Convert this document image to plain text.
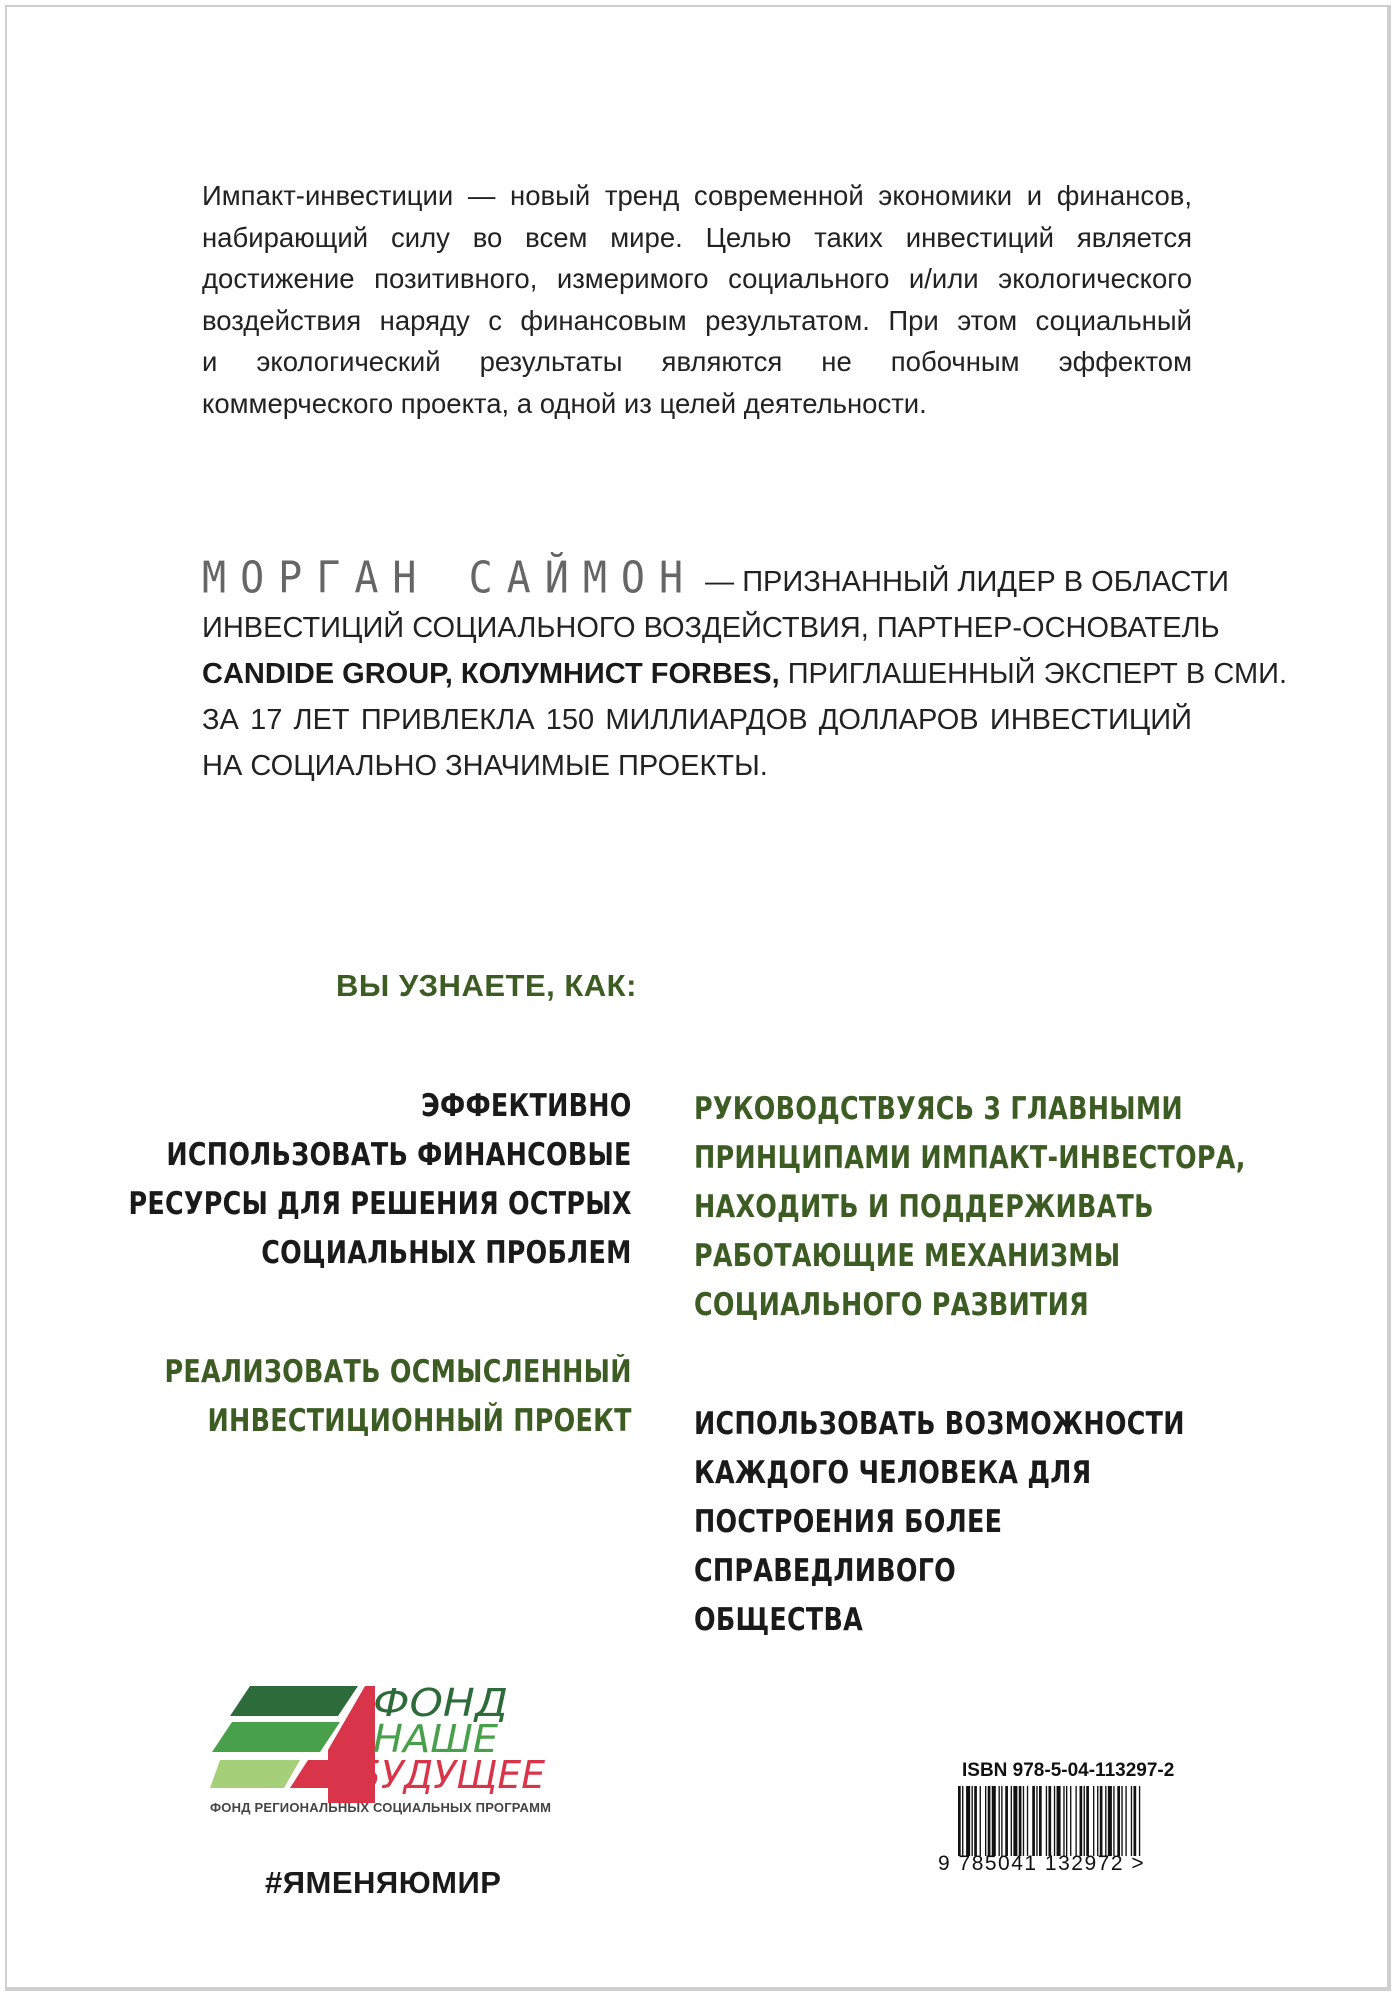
Импакт-инвестиции — новый тренд современной экономики и финансов,
набирающий силу во всем мире. Целью таких инвестиций является
достижение позитивного, измеримого социального и/или экологического
воздействия наряду с финансовым результатом. При этом социальный
и экологический результаты являются не побочным эффектом
коммерческого проекта, а одной из целей деятельности.
МОРГАН САЙМОН — ПРИЗНАННЫЙ ЛИДЕР В ОБЛАСТИ
ИНВЕСТИЦИЙ СОЦИАЛЬНОГО ВОЗДЕЙСТВИЯ, ПАРТНЕР-ОСНОВАТЕЛЬ
CANDIDE GROUP, КОЛУМНИСТ FORBES, ПРИГЛАШЕННЫЙ ЭКСПЕРТ В СМИ.
ЗА 17 ЛЕТ ПРИВЛЕКЛА 150 МИЛЛИАРДОВ ДОЛЛАРОВ ИНВЕСТИЦИЙ
НА СОЦИАЛЬНО ЗНАЧИМЫЕ ПРОЕКТЫ.
ВЫ УЗНАЕТЕ, КАК:
ЭФФЕКТИВНО
ИСПОЛЬЗОВАТЬ ФИНАНСОВЫЕ
РЕСУРСЫ ДЛЯ РЕШЕНИЯ ОСТРЫХ
СОЦИАЛЬНЫХ ПРОБЛЕМ
РЕАЛИЗОВАТЬ ОСМЫСЛЕННЫЙ
ИНВЕСТИЦИОННЫЙ ПРОЕКТ
РУКОВОДСТВУЯСЬ 3 ГЛАВНЫМИ
ПРИНЦИПАМИ ИМПАКТ-ИНВЕСТОРА,
НАХОДИТЬ И ПОДДЕРЖИВАТЬ
РАБОТАЮЩИЕ МЕХАНИЗМЫ
СОЦИАЛЬНОГО РАЗВИТИЯ
ИСПОЛЬЗОВАТЬ ВОЗМОЖНОСТИ
КАЖДОГО ЧЕЛОВЕКА ДЛЯ
ПОСТРОЕНИЯ БОЛЕЕ
СПРАВЕДЛИВОГО
ОБЩЕСТВА
ФОНД
НАШЕ
БУДУЩЕЕ
ФОНД РЕГИОНАЛЬНЫХ СОЦИАЛЬНЫХ ПРОГРАММ
#ЯМЕНЯЮМИР
ISBN 978-5-04-113297-2
9 785041 132972 >
